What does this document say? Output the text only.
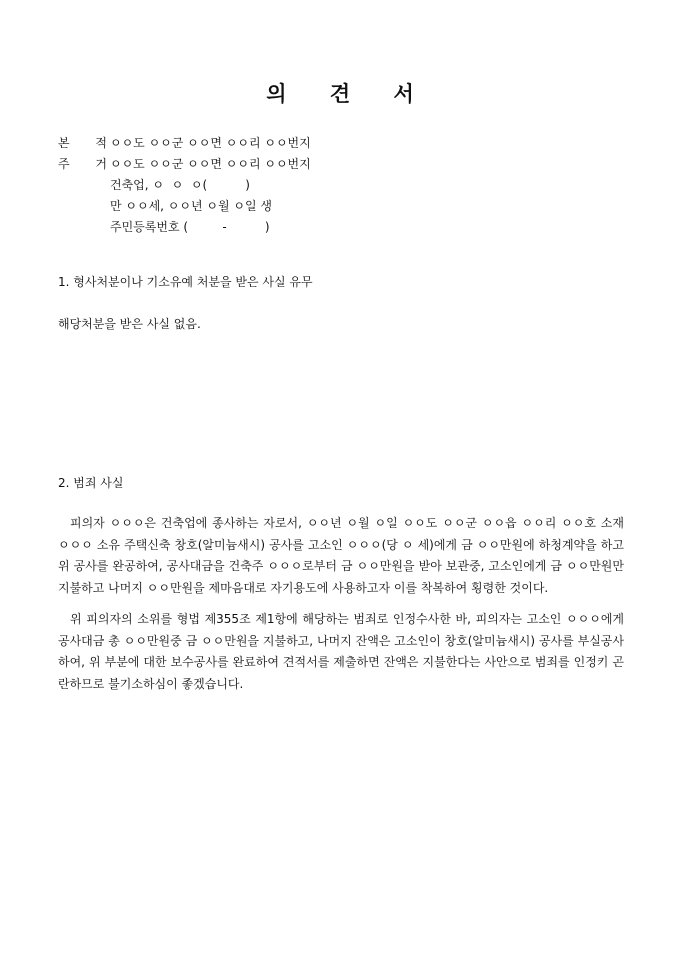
의 견 서
본 적 ㅇㅇ도 ㅇㅇ군 ㅇㅇ면 ㅇㅇ리 ㅇㅇ번지
주 거 ㅇㅇ도 ㅇㅇ군 ㅇㅇ면 ㅇㅇ리 ㅇㅇ번지
건축업, ㅇ  ㅇ  ㅇ(          )
만 ㅇㅇ세, ㅇㅇ년 ㅇ월 ㅇ일 생
주민등록번호 (         -          )
1. 형사처분이나 기소유예 처분을 받은 사실 유무
해당처분을 받은 사실 없음.
2. 범죄 사실
피의자 ㅇㅇㅇ은 건축업에 종사하는 자로서, ㅇㅇ년 ㅇ월 ㅇ일 ㅇㅇ도 ㅇㅇ군 ㅇㅇ읍 ㅇㅇ리 ㅇㅇ호 소재 ㅇㅇㅇ 소유 주택신축 창호(알미늄새시) 공사를 고소인 ㅇㅇㅇ(당 ㅇ 세)에게 금 ㅇㅇ만원에 하청계약을 하고 위 공사를 완공하여, 공사대금을 건축주 ㅇㅇㅇ로부터 금 ㅇㅇ만원을 받아 보관중, 고소인에게 금 ㅇㅇ만원만 지불하고 나머지 ㅇㅇ만원을 제마음대로 자기용도에 사용하고자 이를 착복하여 횡령한 것이다.
위 피의자의 소위를 형법 제355조 제1항에 해당하는 범죄로 인정수사한 바, 피의자는 고소인 ㅇㅇㅇ에게 공사대금 총 ㅇㅇ만원중 금 ㅇㅇ만원을 지불하고, 나머지 잔액은 고소인이 창호(알미늄새시) 공사를 부실공사하여, 위 부분에 대한 보수공사를 완료하여 견적서를 제출하면 잔액은 지불한다는 사안으로 범죄를 인정키 곤란하므로 불기소하심이 좋겠습니다.
